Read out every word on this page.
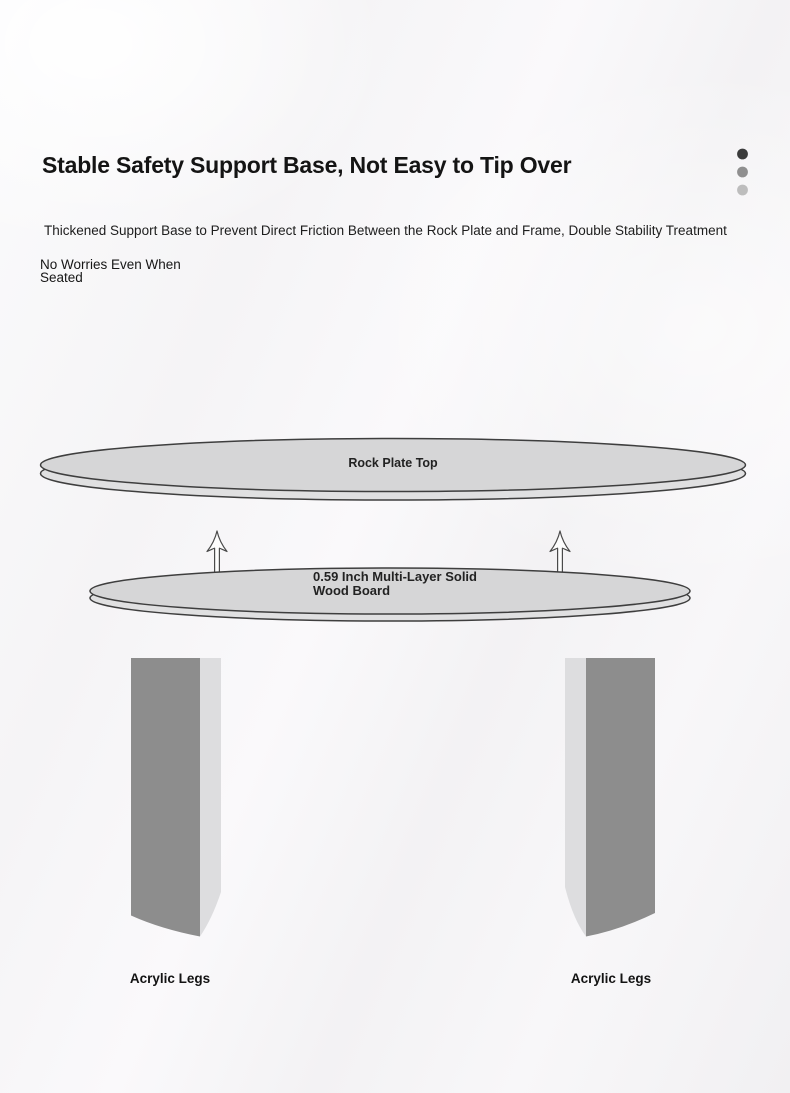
Stable Safety Support Base, Not Easy to Tip Over
Thickened Support Base to Prevent Direct Friction Between the Rock Plate and Frame, Double Stability Treatment
No Worries Even When
Seated
Rock Plate Top
0.59 Inch Multi-Layer Solid
Wood Board
Acrylic Legs	Acrylic Legs
